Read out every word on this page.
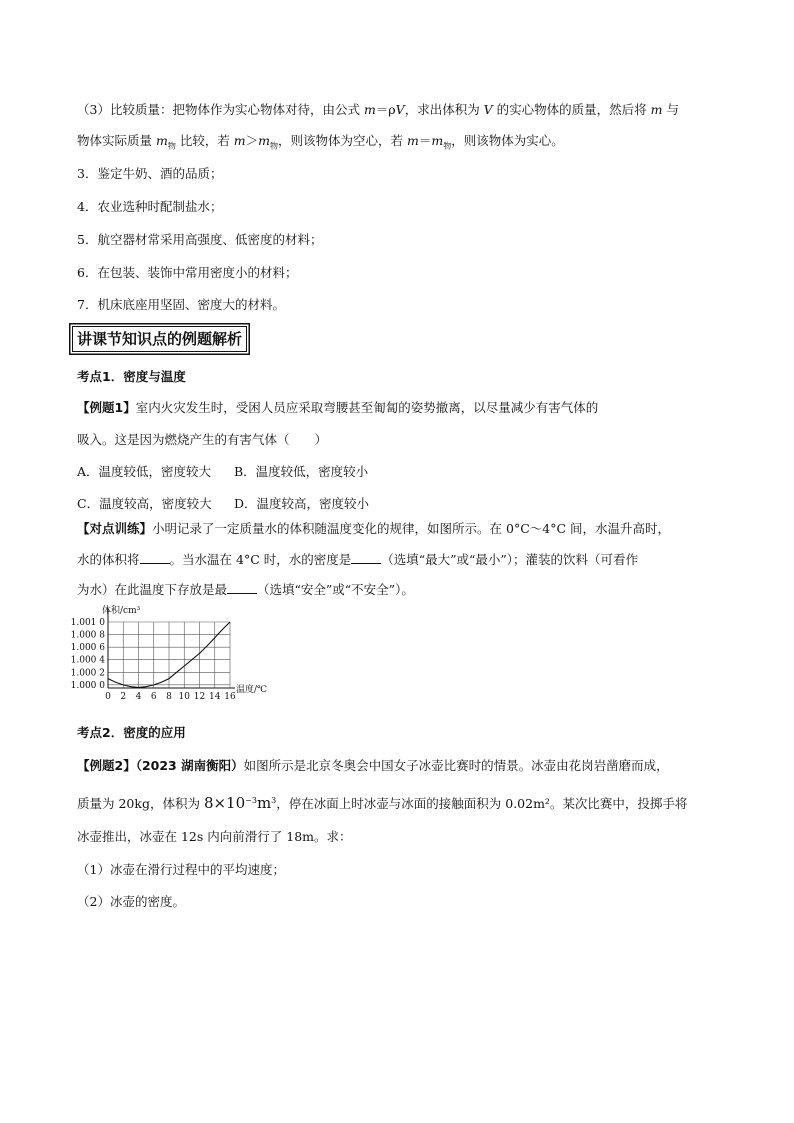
（3）比较质量：把物体作为实心物体对待，由公式 m＝ρV，求出体积为 V 的实心物体的质量，然后将 m 与
物体实际质量 $m_物$ 比较，若 $m>m_物$，则该物体为空心，若 $m=m_物$，则该物体为实心。
3．鉴定牛奶、酒的品质；
4．农业选种时配制盐水；
5．航空器材常采用高强度、低密度的材料；
6．在包装、装饰中常用密度小的材料；
7．机床底座用坚固、密度大的材料。
讲课节知识点的例题解析
考点1．密度与温度
【例题1】室内火灾发生时，受困人员应采取弯腰甚至匍匐的姿势撤离，以尽量减少有害气体的
吸入。这是因为燃烧产生的有害气体（　　）
A．温度较低，密度较大 B．温度较低，密度较小
C．温度较高，密度较大 D．温度较高，密度较小
【对点训练】小明记录了一定质量水的体积随温度变化的规律，如图所示。在 0°C～4°C 间，水温升高时，
水的体积将 。当水温在 4°C 时，水的密度是 （选填“最大”或“最小”）；灌装的饮料（可看作
为水）在此温度下存放是最 （选填“安全”或“不安全”）。
0 2 4 6 8 10 12 14 16
1.000 0
1.000 2
1.000 4
1.000 6
1.000 8
1.001 0
体积/cm³
温度/℃
考点2．密度的应用
【例题2】（2023 湖南衡阳）如图所示是北京冬奥会中国女子冰壶比赛时的情景。冰壶由花岗岩凿磨而成，
质量为 20kg，体积为 $8\times 10^{-3}m^3$，停在冰面上时冰壶与冰面的接触面积为 0.02m²。某次比赛中，投掷手将
冰壶推出，冰壶在 12s 内向前滑行了 18m。求：
（1）冰壶在滑行过程中的平均速度；
（2）冰壶的密度。
